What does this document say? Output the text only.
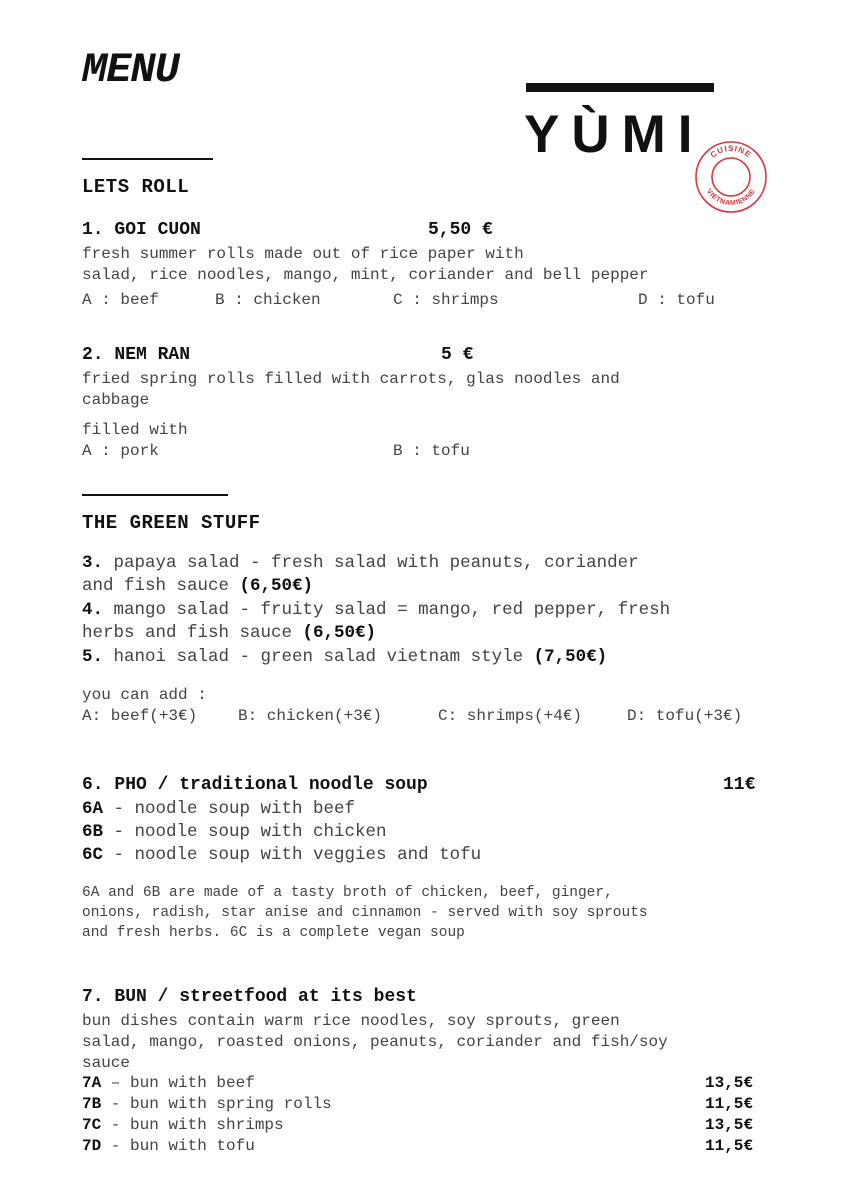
MENU
YÙMI CUISINE
VIETNAMIENNE
LETS ROLL
1. GOI CUON	5,50 €
fresh summer rolls made out of rice paper with
salad, rice noodles, mango, mint, coriander and bell pepper
A : beef	B : chicken	C : shrimps	D : tofu
2. NEM RAN	5 €
fried spring rolls filled with carrots, glas noodles and
cabbage
filled with
A : pork	B : tofu
THE GREEN STUFF
3. papaya salad - fresh salad with peanuts, coriander
and fish sauce (6,50€)
4. mango salad - fruity salad = mango, red pepper, fresh
herbs and fish sauce (6,50€)
5. hanoi salad - green salad vietnam style (7,50€)
you can add :
A: beef(+3€)	B: chicken(+3€)	C: shrimps(+4€)	D: tofu(+3€)
6. PHO / traditional noodle soup	11€
6A - noodle soup with beef
6B - noodle soup with chicken
6C - noodle soup with veggies and tofu
6A and 6B are made of a tasty broth of chicken, beef, ginger,
onions, radish, star anise and cinnamon - served with soy sprouts
and fresh herbs. 6C is a complete vegan soup
7. BUN / streetfood at its best
bun dishes contain warm rice noodles, soy sprouts, green
salad, mango, roasted onions, peanuts, coriander and fish/soy
sauce
7A – bun with beef	13,5€
7B - bun with spring rolls	11,5€
7C - bun with shrimps	13,5€
7D - bun with tofu	11,5€
